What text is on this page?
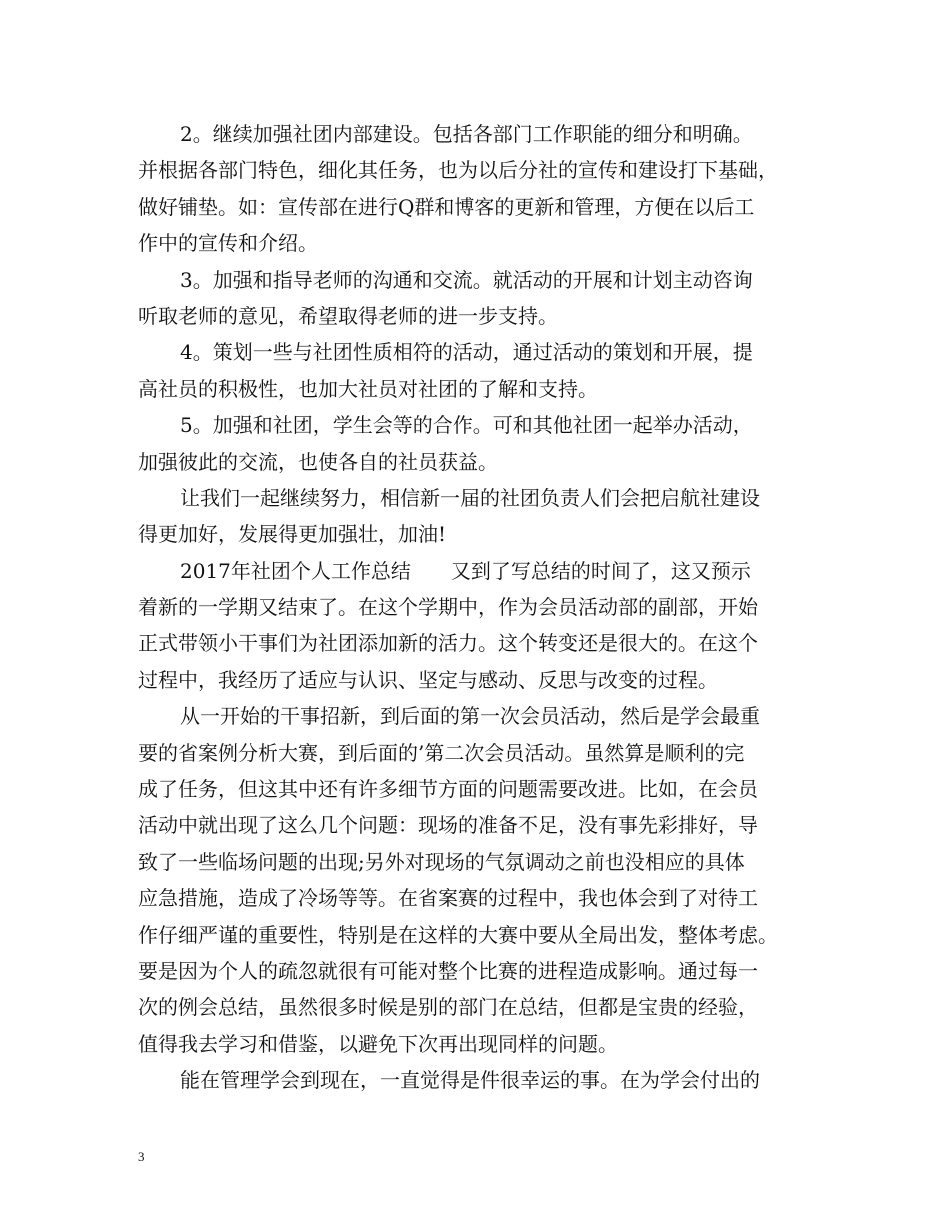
2。继续加强社团内部建设。包括各部门工作职能的细分和明确。
并根据各部门特色，细化其任务，也为以后分社的宣传和建设打下基础，
做好铺垫。如：宣传部在进行Q群和博客的更新和管理，方便在以后工
作中的宣传和介绍。
3。加强和指导老师的沟通和交流。就活动的开展和计划主动咨询
听取老师的意见，希望取得老师的进一步支持。
4。策划一些与社团性质相符的活动，通过活动的策划和开展，提
高社员的积极性，也加大社员对社团的了解和支持。
5。加强和社团，学生会等的合作。可和其他社团一起举办活动，
加强彼此的交流，也使各自的社员获益。
让我们一起继续努力，相信新一届的社团负责人们会把启航社建设
得更加好，发展得更加强壮，加油!
2017年社团个人工作总结　　又到了写总结的时间了，这又预示
着新的一学期又结束了。在这个学期中，作为会员活动部的副部，开始
正式带领小干事们为社团添加新的活力。这个转变还是很大的。在这个
过程中，我经历了适应与认识、坚定与感动、反思与改变的过程。
从一开始的干事招新，到后面的第一次会员活动，然后是学会最重
要的省案例分析大赛，到后面的’第二次会员活动。虽然算是顺利的完
成了任务，但这其中还有许多细节方面的问题需要改进。比如，在会员
活动中就出现了这么几个问题：现场的准备不足，没有事先彩排好，导
致了一些临场问题的出现;另外对现场的气氛调动之前也没相应的具体
应急措施，造成了冷场等等。在省案赛的过程中，我也体会到了对待工
作仔细严谨的重要性，特别是在这样的大赛中要从全局出发，整体考虑。
要是因为个人的疏忽就很有可能对整个比赛的进程造成影响。通过每一
次的例会总结，虽然很多时候是别的部门在总结，但都是宝贵的经验，
值得我去学习和借鉴，以避免下次再出现同样的问题。
能在管理学会到现在，一直觉得是件很幸运的事。在为学会付出的
3
